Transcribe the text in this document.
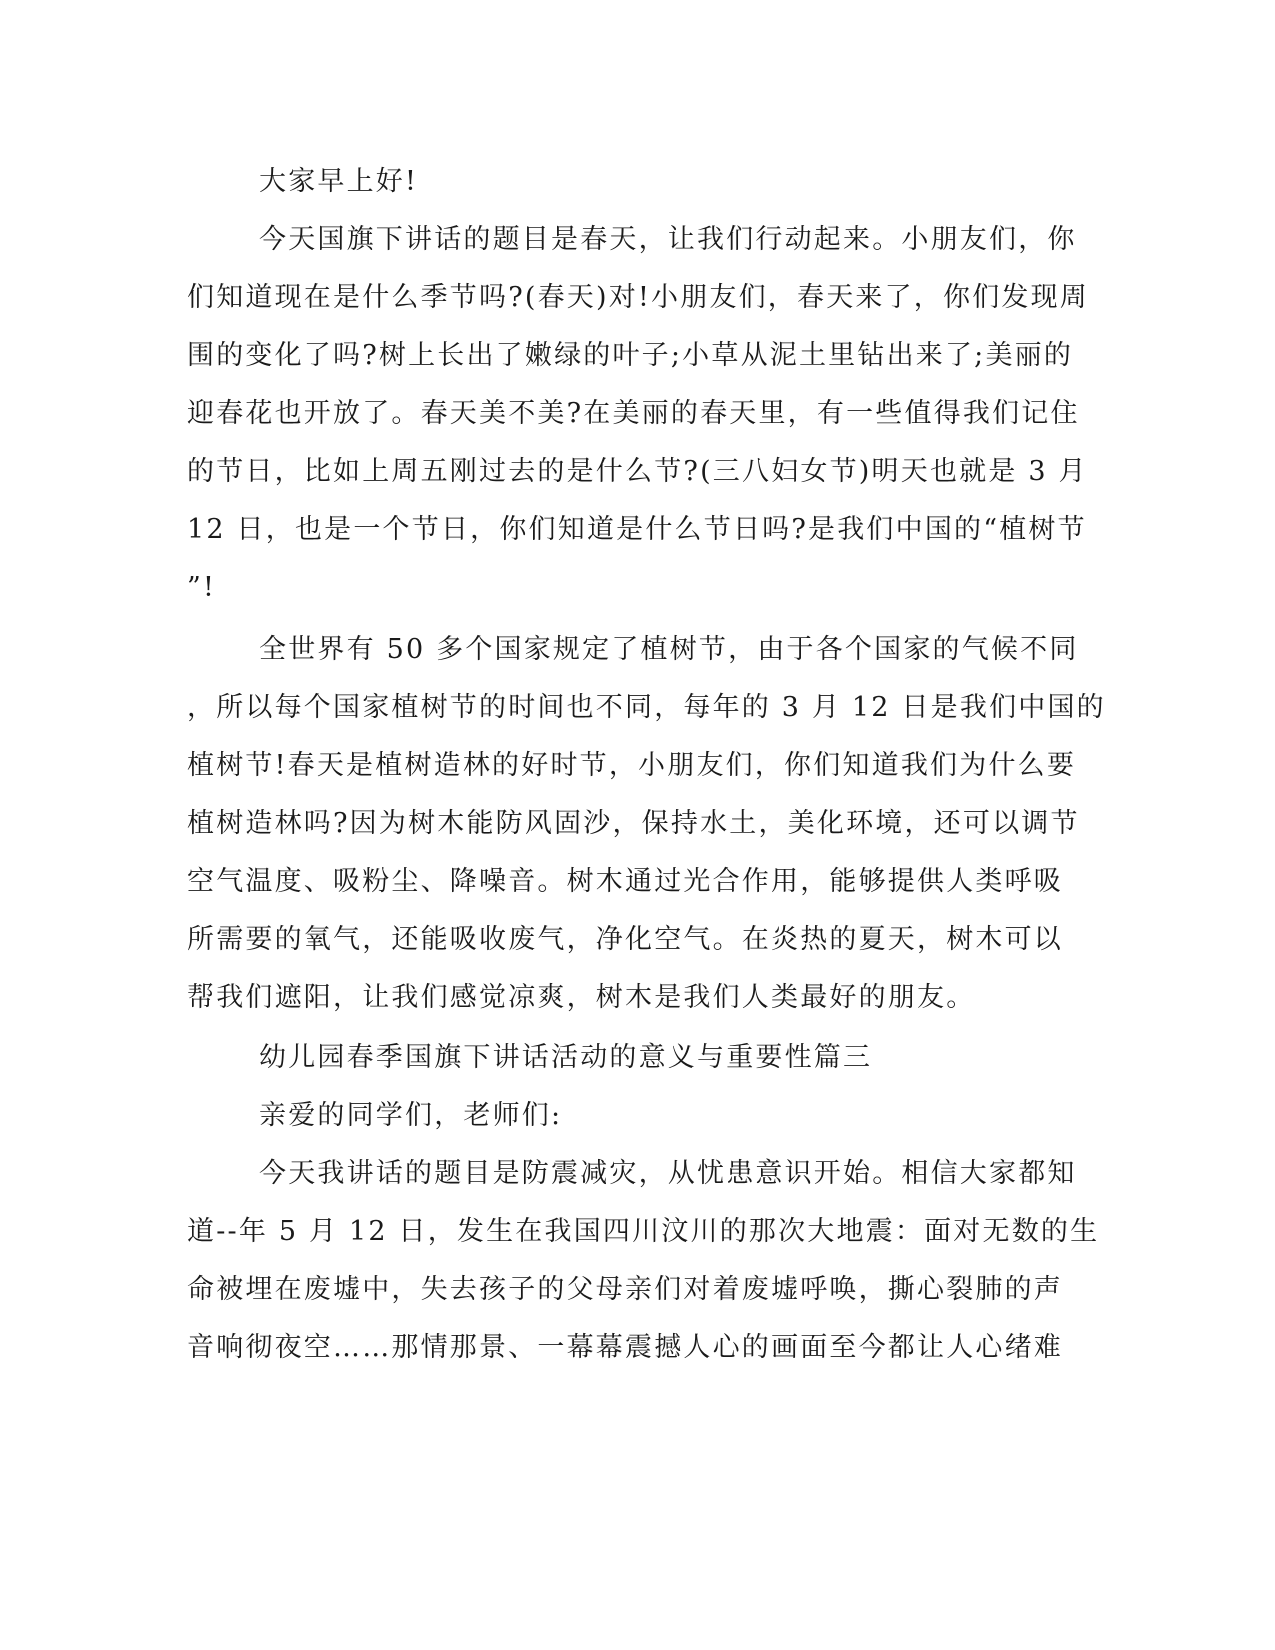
大家早上好!
今天国旗下讲话的题目是春天，让我们行动起来。小朋友们，你
们知道现在是什么季节吗?(春天)对!小朋友们，春天来了，你们发现周
围的变化了吗?树上长出了嫩绿的叶子;小草从泥土里钻出来了;美丽的
迎春花也开放了。春天美不美?在美丽的春天里，有一些值得我们记住
的节日，比如上周五刚过去的是什么节?(三八妇女节)明天也就是 3 月
12 日，也是一个节日，你们知道是什么节日吗?是我们中国的“植树节
”!
全世界有 50 多个国家规定了植树节，由于各个国家的气候不同
，所以每个国家植树节的时间也不同，每年的 3 月 12 日是我们中国的
植树节!春天是植树造林的好时节，小朋友们，你们知道我们为什么要
植树造林吗?因为树木能防风固沙，保持水土，美化环境，还可以调节
空气温度、吸粉尘、降噪音。树木通过光合作用，能够提供人类呼吸
所需要的氧气，还能吸收废气，净化空气。在炎热的夏天，树木可以
帮我们遮阳，让我们感觉凉爽，树木是我们人类最好的朋友。
幼儿园春季国旗下讲话活动的意义与重要性篇三
亲爱的同学们，老师们:
今天我讲话的题目是防震减灾，从忧患意识开始。相信大家都知
道--年 5 月 12 日，发生在我国四川汶川的那次大地震：面对无数的生
命被埋在废墟中，失去孩子的父母亲们对着废墟呼唤，撕心裂肺的声
音响彻夜空……那情那景、一幕幕震撼人心的画面至今都让人心绪难
